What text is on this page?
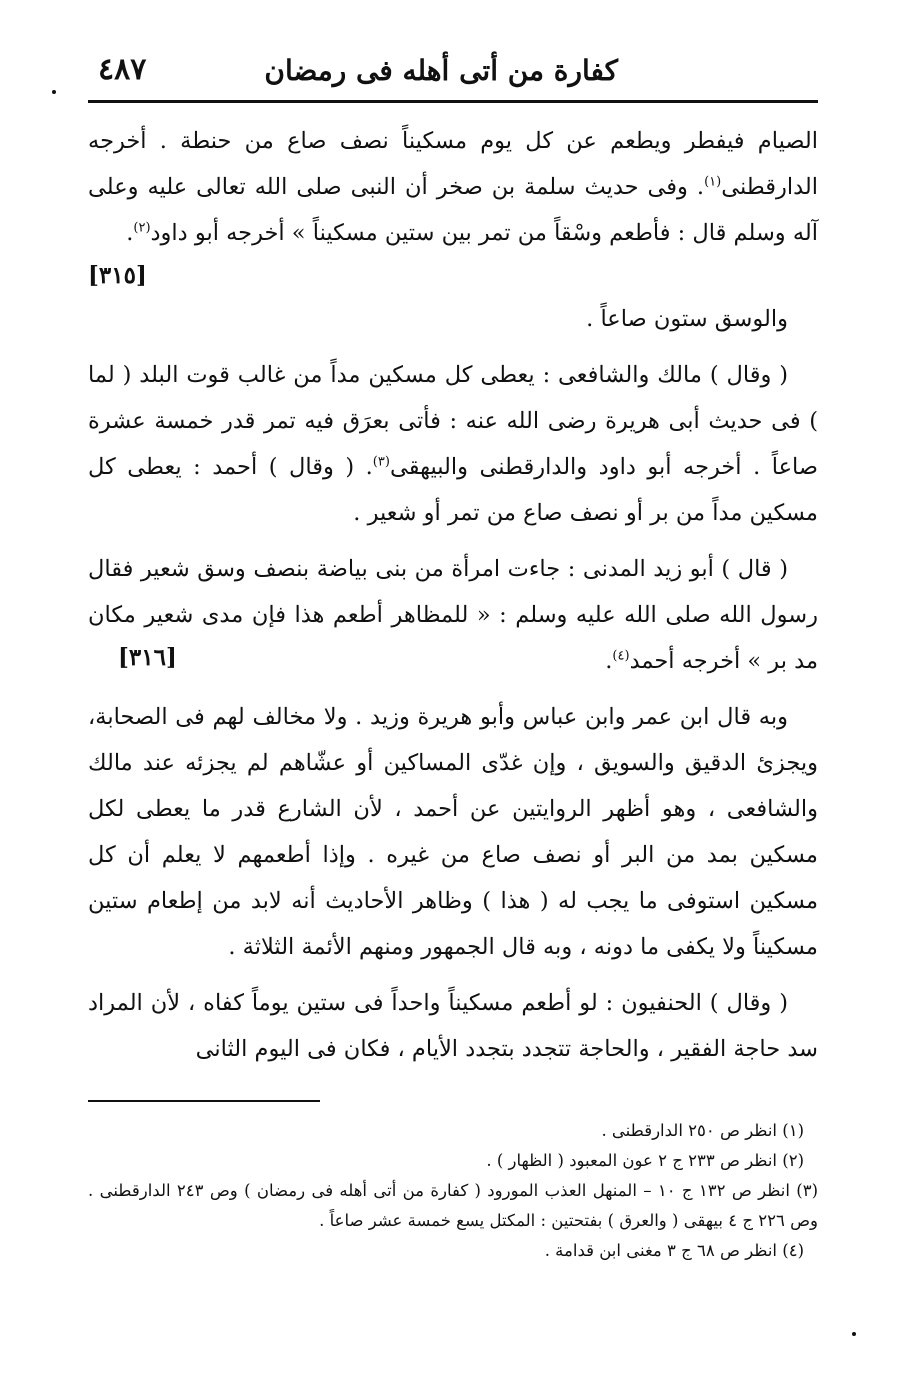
كفارة من أتى أهله فى رمضان
٤٨٧

الصيام فيفطر ويطعم عن كل يوم مسكيناً نصف صاع من حنطة . أخرجه الدارقطنى$^{(١)}$. وفى حديث سلمة بن صخر أن النبى صلى الله تعالى عليه وعلى آله وسلم قال : فأطعم وسْقاً من تمر بين ستين مسكيناً » أخرجه أبو داود$^{(٢)}$.

[٣١٥]

والوسق ستون صاعاً .

( وقال ) مالك والشافعى : يعطى كل مسكين مداً من غالب قوت البلد ( لما ) فى حديث أبى هريرة رضى الله عنه : فأتى بعرَق فيه تمر قدر خمسة عشرة صاعاً . أخرجه أبو داود والدارقطنى والبيهقى$^{(٣)}$. ( وقال ) أحمد : يعطى كل مسكين مداً من بر أو نصف صاع من تمر أو شعير .

( قال ) أبو زيد المدنى : جاءت امرأة من بنى بياضة بنصف وسق شعير فقال رسول الله صلى الله عليه وسلم : « للمظاهر أطعم هذا فإن مدى شعير مكان مد بر » أخرجه أحمد$^{(٤)}$.
[٣١٦]

وبه قال ابن عمر وابن عباس وأبو هريرة وزيد . ولا مخالف لهم فى الصحابة، ويجزئ الدقيق والسويق ، وإن غدّى المساكين أو عشّاهم لم يجزئه عند مالك والشافعى ، وهو أظهر الروايتين عن أحمد ، لأن الشارع قدر ما يعطى لكل مسكين بمد من البر أو نصف صاع من غيره . وإذا أطعمهم لا يعلم أن كل مسكين استوفى ما يجب له ( هذا ) وظاهر الأحاديث أنه لابد من إطعام ستين مسكيناً ولا يكفى ما دونه ، وبه قال الجمهور ومنهم الأئمة الثلاثة .

( وقال ) الحنفيون : لو أطعم مسكيناً واحداً فى ستين يوماً كفاه ، لأن المراد سد حاجة الفقير ، والحاجة تتجدد بتجدد الأيام ، فكان فى اليوم الثانى

(١) انظر ص ٢٥٠ الدارقطنى .

(٢) انظر ص ٢٣٣ ج ٢ عون المعبود ( الظهار ) .

(٣) انظر ص ١٣٢ ج ١٠ – المنهل العذب المورود ( كفارة من أتى أهله فى رمضان ) وص ٢٤٣ الدارقطنى . وص ٢٢٦ ج ٤ بيهقى ( والعرق ) بفتحتين : المكتل يسع خمسة عشر صاعاً .

(٤) انظر ص ٦٨ ج ٣ مغنى ابن قدامة .
